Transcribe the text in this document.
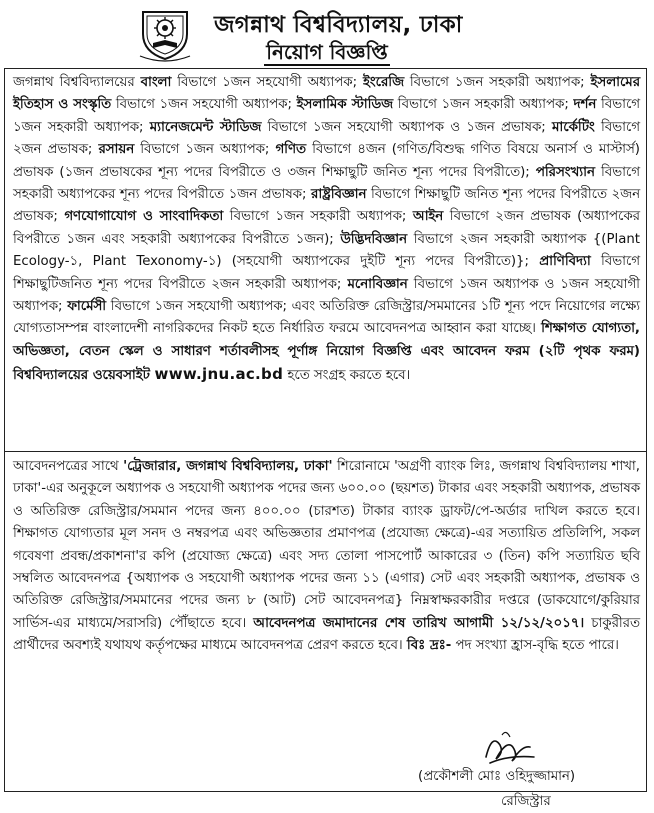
জগন্নাথ বিশ্ববিদ্যালয়, ঢাকা
নিয়োগ বিজ্ঞপ্তি
জগন্নাথ বিশ্ববিদ্যালয়ের বাংলা বিভাগে ১জন সহযোগী অধ্যাপক; ইংরেজি বিভাগে ১জন সহকারী অধ্যাপক; ইসলামের ইতিহাস ও সংস্কৃতি বিভাগে ১জন সহযোগী অধ্যাপক; ইসলামিক স্টাডিজ বিভাগে ১জন সহকারী অধ্যাপক; দর্শন বিভাগে ১জন সহকারী অধ্যাপক; ম্যানেজমেন্ট স্টাডিজ বিভাগে ১জন সহযোগী অধ্যাপক ও ১জন প্রভাষক; মার্কেটিং বিভাগে ২জন প্রভাষক; রসায়ন বিভাগে ১জন অধ্যাপক; গণিত বিভাগে ৪জন (গণিত/বিশুদ্ধ গণিত বিষয়ে অনার্স ও মাস্টার্স) প্রভাষক (১জন প্রভাষকের শূন্য পদের বিপরীতে ও ৩জন শিক্ষাছুটি জনিত শূন্য পদের বিপরীতে); পরিসংখ্যান বিভাগে সহকারী অধ্যাপকের শূন্য পদের বিপরীতে ১জন প্রভাষক; রাষ্ট্রবিজ্ঞান বিভাগে শিক্ষাছুটি জনিত শূন্য পদের বিপরীতে ২জন প্রভাষক; গণযোগাযোগ ও সাংবাদিকতা বিভাগে ১জন সহকারী অধ্যাপক; আইন বিভাগে ২জন প্রভাষক (অধ্যাপকের বিপরীতে ১জন এবং সহকারী অধ্যাপকের বিপরীতে ১জন); উদ্ভিদবিজ্ঞান বিভাগে ২জন সহকারী অধ্যাপক {(Plant Ecology-১, Plant Texonomy-১) (সহযোগী অধ্যাপকের দুইটি শূন্য পদের বিপরীতে)}; প্রাণিবিদ্যা বিভাগে শিক্ষাছুটিজনিত শূন্য পদের বিপরীতে ২জন সহকারী অধ্যাপক; মনোবিজ্ঞান বিভাগে ১জন অধ্যাপক ও ১জন সহযোগী অধ্যাপক; ফার্মেসী বিভাগে ১জন সহযোগী অধ্যাপক; এবং অতিরিক্ত রেজিস্ট্রার/সমমানের ১টি শূন্য পদে নিয়োগের লক্ষ্যে যোগ্যতাসম্পন্ন বাংলাদেশী নাগরিকদের নিকট হতে নির্ধারিত ফরমে আবেদনপত্র আহ্বান করা যাচ্ছে। শিক্ষাগত যোগ্যতা, অভিজ্ঞতা, বেতন স্কেল ও সাধারণ শর্তাবলীসহ পূর্ণাঙ্গ নিয়োগ বিজ্ঞপ্তি এবং আবেদন ফরম (২টি পৃথক ফরম) বিশ্ববিদ্যালয়ের ওয়েবসাইট www.jnu.ac.bd হতে সংগ্রহ করতে হবে।
আবেদনপত্রের সাথে 'ট্রেজারার, জগন্নাথ বিশ্ববিদ্যালয়, ঢাকা' শিরোনামে 'অগ্রণী ব্যাংক লিঃ, জগন্নাথ বিশ্ববিদ্যালয় শাখা, ঢাকা'-এর অনুকূলে অধ্যাপক ও সহযোগী অধ্যাপক পদের জন্য ৬০০.০০ (ছয়শত) টাকার এবং সহকারী অধ্যাপক, প্রভাষক ও অতিরিক্ত রেজিস্ট্রার/সমমান পদের জন্য ৪০০.০০ (চারশত) টাকার ব্যাংক ড্রাফট/পে-অর্ডার দাখিল করতে হবে। শিক্ষাগত যোগ্যতার মূল সনদ ও নম্বরপত্র এবং অভিজ্ঞতার প্রমাণপত্র (প্রযোজ্য ক্ষেত্রে)-এর সত্যায়িত প্রতিলিপি, সকল গবেষণা প্রবন্ধ/প্রকাশনা'র কপি (প্রযোজ্য ক্ষেত্রে) এবং সদ্য তোলা পাসপোর্ট আকারের ৩ (তিন) কপি সত্যায়িত ছবি সম্বলিত আবেদনপত্র {অধ্যাপক ও সহযোগী অধ্যাপক পদের জন্য ১১ (এগার) সেট এবং সহকারী অধ্যাপক, প্রভাষক ও অতিরিক্ত রেজিস্ট্রার/সমমানের পদের জন্য ৮ (আট) সেট আবেদনপত্র} নিম্নস্বাক্ষরকারীর দপ্তরে (ডাকযোগে/কুরিয়ার সার্ভিস-এর মাধ্যমে/সরাসরি) পৌঁছাতে হবে। আবেদনপত্র জমাদানের শেষ তারিখ আগামী ১২/১২/২০১৭। চাকুরীরত প্রার্থীদের অবশ্যই যথাযথ কর্তৃপক্ষের মাধ্যমে আবেদনপত্র প্রেরণ করতে হবে। বিঃ দ্রঃ- পদ সংখ্যা হ্রাস-বৃদ্ধি হতে পারে।
(প্রকৌশলী মোঃ ওহিদুজ্জামান)
রেজিস্ট্রার
